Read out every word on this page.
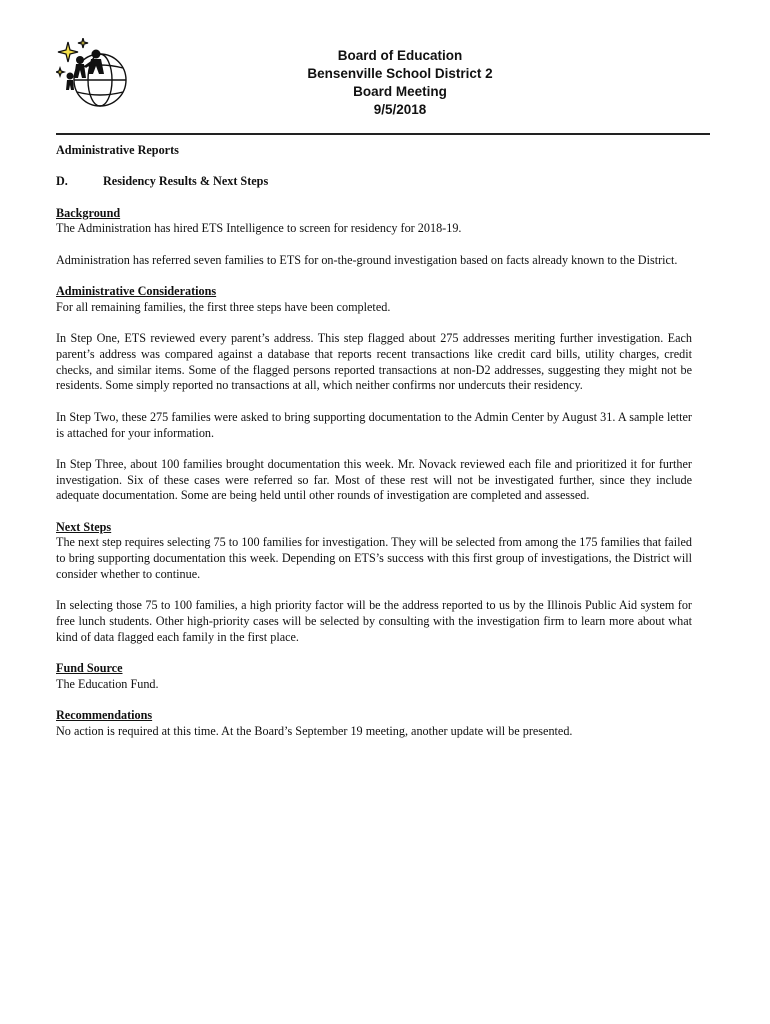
Board of Education
Bensenville School District 2
Board Meeting
9/5/2018
Administrative Reports
D.	Residency Results & Next Steps
Background

The Administration has hired ETS Intelligence to screen for residency for 2018-19.

Administration has referred seven families to ETS for on-the-ground investigation based on facts already known to the District.

Administrative Considerations

For all remaining families, the first three steps have been completed.

In Step One, ETS reviewed every parent’s address. This step flagged about 275 addresses meriting further investigation. Each parent’s address was compared against a database that reports recent transactions like credit card bills, utility charges, credit checks, and similar items. Some of the flagged persons reported transactions at non-D2 addresses, suggesting they might not be residents. Some simply reported no transactions at all, which neither confirms nor undercuts their residency.

In Step Two, these 275 families were asked to bring supporting documentation to the Admin Center by August 31. A sample letter is attached for your information.

In Step Three, about 100 families brought documentation this week. Mr. Novack reviewed each file and prioritized it for further investigation. Six of these cases were referred so far. Most of these rest will not be investigated further, since they include adequate documentation. Some are being held until other rounds of investigation are completed and assessed.

Next Steps

The next step requires selecting 75 to 100 families for investigation. They will be selected from among the 175 families that failed to bring supporting documentation this week. Depending on ETS’s success with this first group of investigations, the District will consider whether to continue.

In selecting those 75 to 100 families, a high priority factor will be the address reported to us by the Illinois Public Aid system for free lunch students. Other high-priority cases will be selected by consulting with the investigation firm to learn more about what kind of data flagged each family in the first place.

Fund Source

The Education Fund.

Recommendations

No action is required at this time. At the Board’s September 19 meeting, another update will be presented.
